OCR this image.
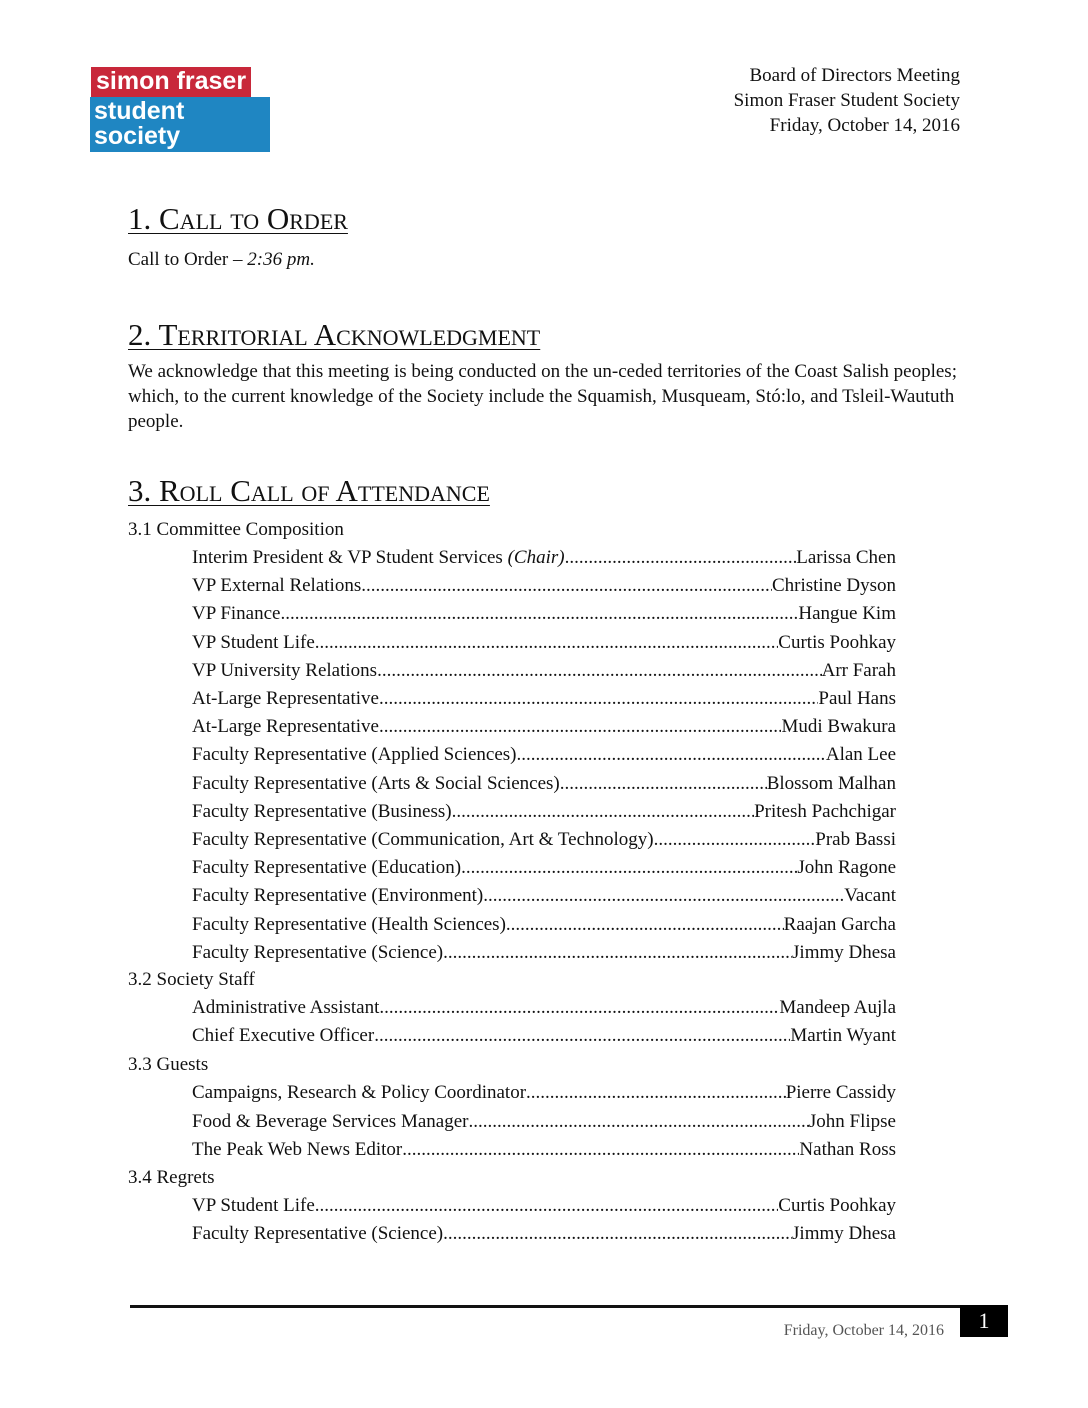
simon fraser
student society
Board of Directors Meeting
Simon Fraser Student Society
Friday, October 14, 2016
1. Call to Order
Call to Order – 2:36 pm.
2. Territorial Acknowledgment
We acknowledge that this meeting is being conducted on the un-ceded territories of the Coast Salish peoples; which, to the current knowledge of the Society include the Squamish, Musqueam, Stó:lo, and Tsleil-Waututh people.
3. Roll Call of Attendance
3.1 Committee Composition
Interim President & VP Student Services (Chair) .....	Larissa Chen
VP External Relations .....	Christine Dyson
VP Finance .....	Hangue Kim
VP Student Life .....	Curtis Poohkay
VP University Relations .....	Arr Farah
At-Large Representative .....	Paul Hans
At-Large Representative .....	Mudi Bwakura
Faculty Representative (Applied Sciences) .....	Alan Lee
Faculty Representative (Arts & Social Sciences) .....	Blossom Malhan
Faculty Representative (Business) .....	Pritesh Pachchigar
Faculty Representative (Communication, Art & Technology) .....	Prab Bassi
Faculty Representative (Education) .....	John Ragone
Faculty Representative (Environment) .....	Vacant
Faculty Representative (Health Sciences) .....	Raajan Garcha
Faculty Representative (Science) .....	Jimmy Dhesa
3.2 Society Staff
Administrative Assistant .....	Mandeep Aujla
Chief Executive Officer .....	Martin Wyant
3.3 Guests
Campaigns, Research & Policy Coordinator .....	Pierre Cassidy
Food & Beverage Services Manager .....	John Flipse
The Peak Web News Editor .....	Nathan Ross
3.4 Regrets
VP Student Life .....	Curtis Poohkay
Faculty Representative (Science) .....	Jimmy Dhesa
Friday, October 14, 2016	1
